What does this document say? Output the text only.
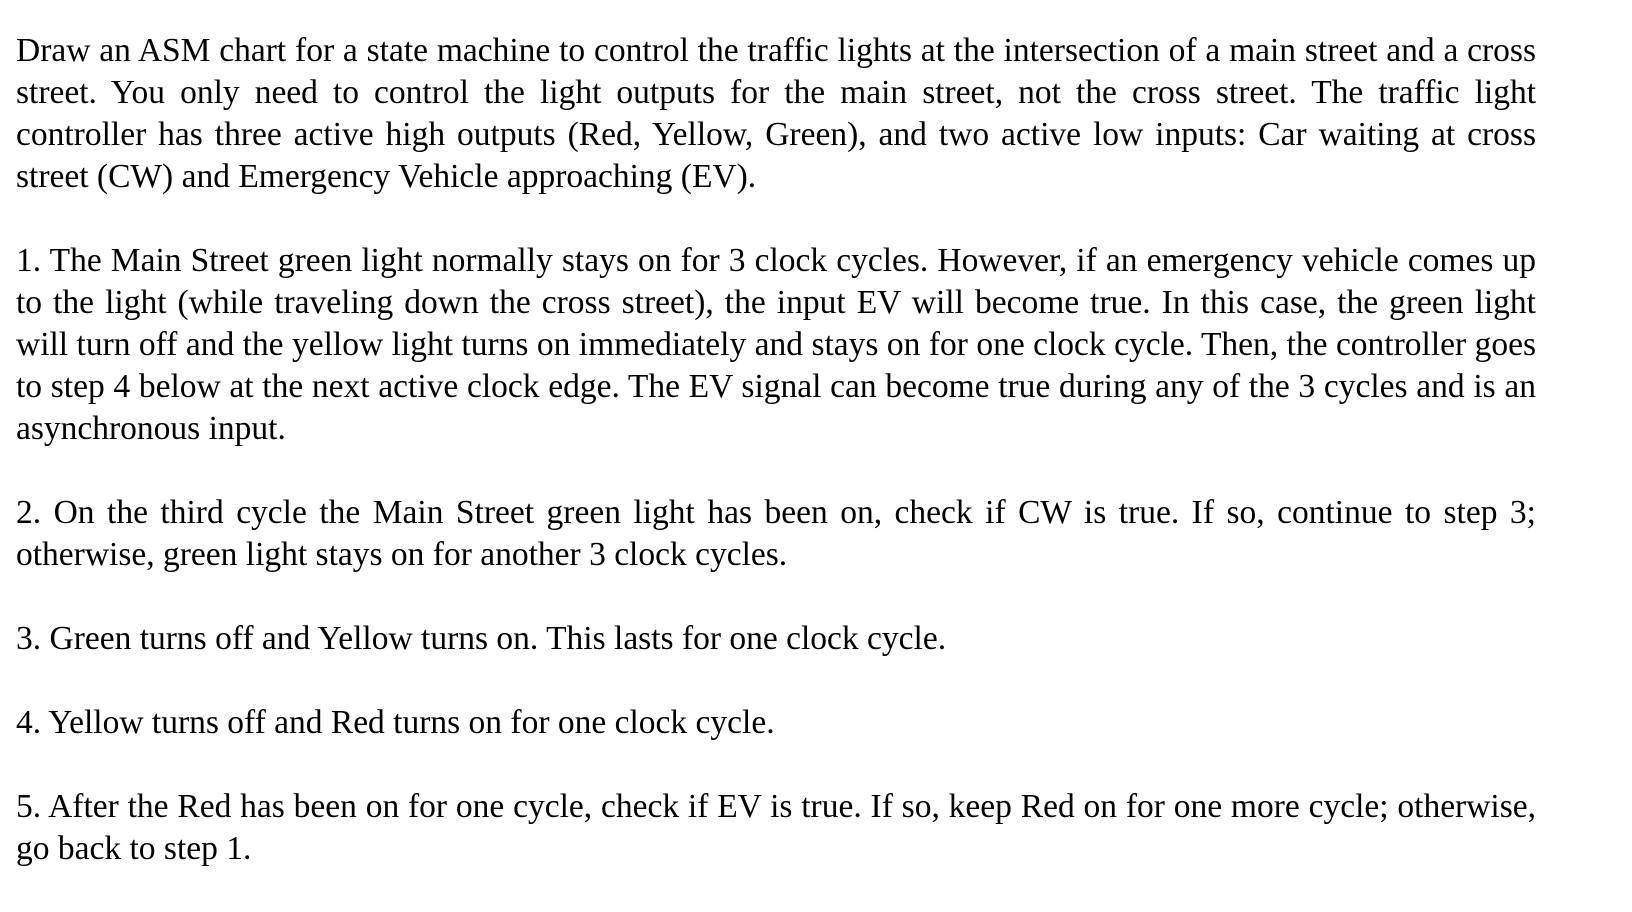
Draw an ASM chart for a state machine to control the traffic lights at the intersection of a main street and a cross street. You only need to control the light outputs for the main street, not the cross street. The traffic light controller has three active high outputs (Red, Yellow, Green), and two active low inputs: Car waiting at cross street (CW) and Emergency Vehicle approaching (EV).

1. The Main Street green light normally stays on for 3 clock cycles. However, if an emergency vehicle comes up to the light (while traveling down the cross street), the input EV will become true. In this case, the green light will turn off and the yellow light turns on immediately and stays on for one clock cycle. Then, the controller goes to step 4 below at the next active clock edge. The EV signal can become true during any of the 3 cycles and is an asynchronous input.

2. On the third cycle the Main Street green light has been on, check if CW is true. If so, continue to step 3; otherwise, green light stays on for another 3 clock cycles.

3. Green turns off and Yellow turns on. This lasts for one clock cycle.

4. Yellow turns off and Red turns on for one clock cycle.

5. After the Red has been on for one cycle, check if EV is true. If so, keep Red on for one more cycle; otherwise, go back to step 1.
